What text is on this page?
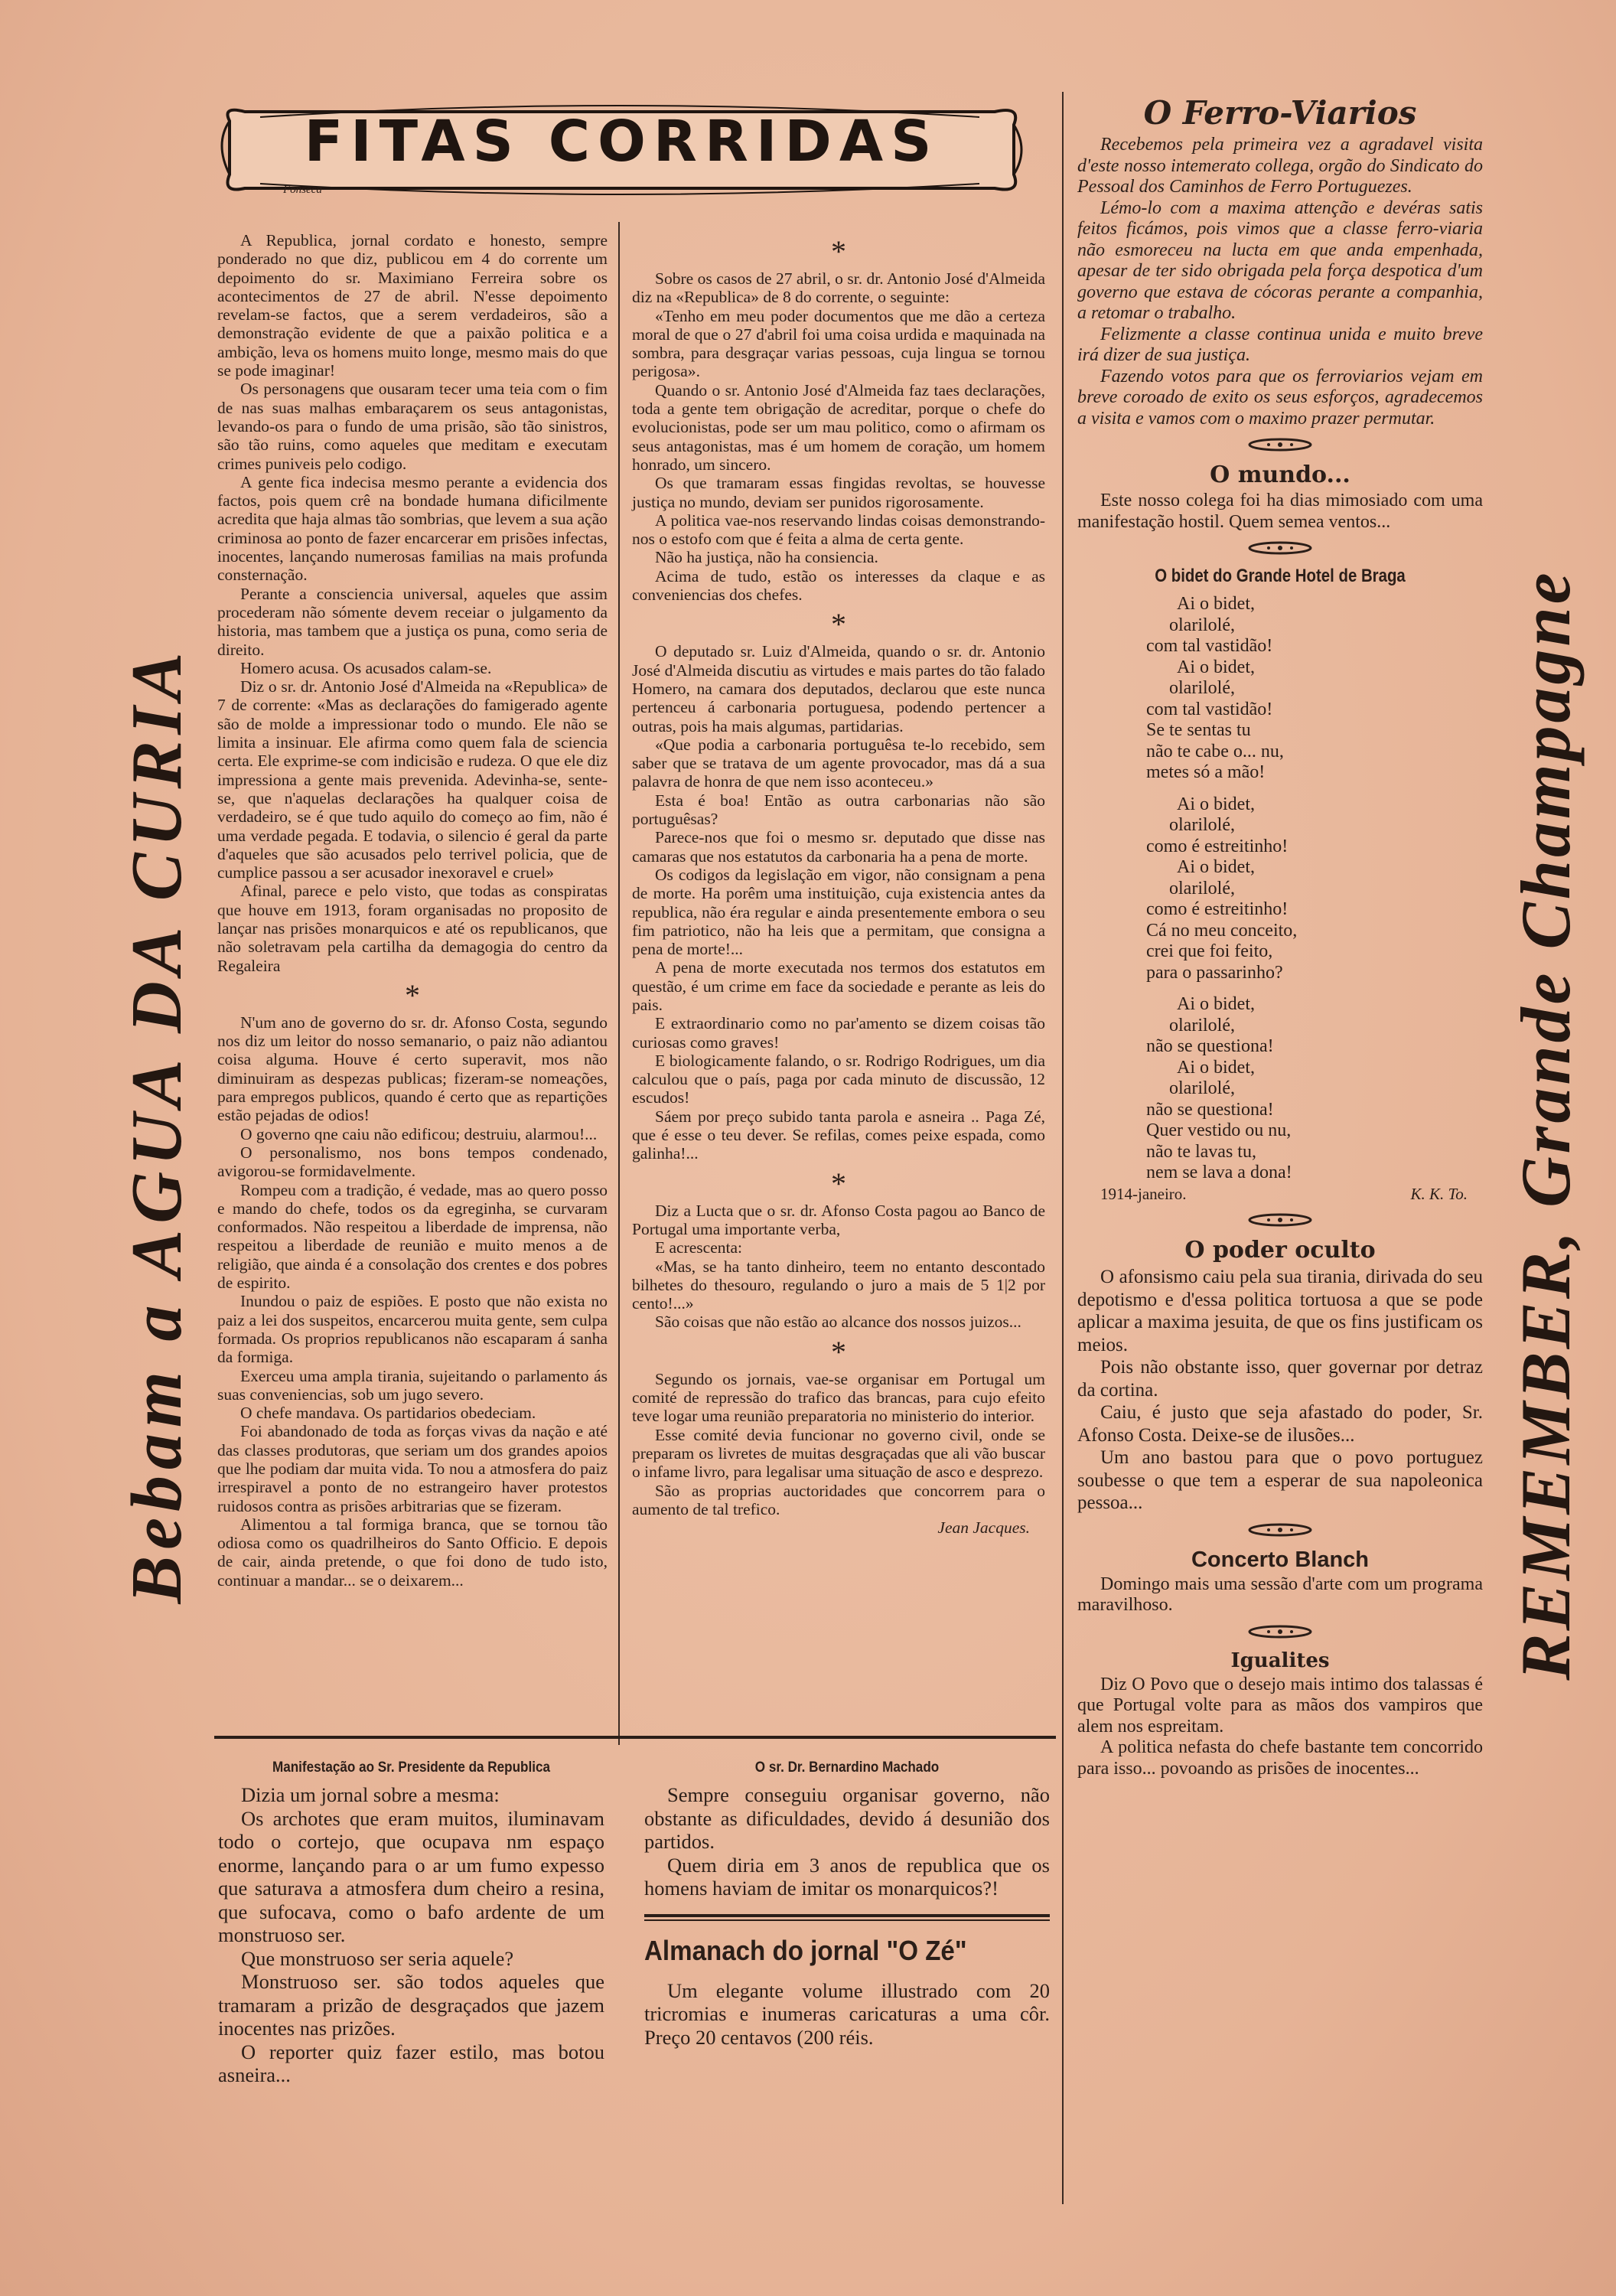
Bebam a AGUA DA CURIA	REMEMBER, Grande Champagne
FITAS CORRIDAS
Fonseca

A Republica, jornal cordato e honesto, sempre ponderado no que diz, publicou em 4 do corrente um depoimento do sr. Maximiano Ferreira sobre os acontecimentos de 27 de abril. N'esse depoimento revelam-se factos, que a serem verdadeiros, são a demonstração evidente de que a paixão politica e a ambição, leva os homens muito longe, mesmo mais do que se pode imaginar!

Os personagens que ousaram tecer uma teia com o fim de nas suas malhas embaraçarem os seus antagonistas, levando-os para o fundo de uma prisão, são tão sinistros, são tão ruins, como aqueles que meditam e executam crimes puniveis pelo codigo.

A gente fica indecisa mesmo perante a evidencia dos factos, pois quem crê na bondade humana dificilmente acredita que haja almas tão sombrias, que levem a sua ação criminosa ao ponto de fazer encarcerar em prisões infectas, inocentes, lançando numerosas familias na mais profunda consternação.

Perante a consciencia universal, aqueles que assim procederam não sómente devem receiar o julgamento da historia, mas tambem que a justiça os puna, como seria de direito.

Homero acusa. Os acusados calam-se.

Diz o sr. dr. Antonio José d'Almeida na «Republica» de 7 de corrente: «Mas as declarações do famigerado agente são de molde a impressionar todo o mundo. Ele não se limita a insinuar. Ele afirma como quem fala de sciencia certa. Ele exprime-se com indicisão e rudeza. O que ele diz impressiona a gente mais prevenida. Adevinha-se, sente-se, que n'aquelas declarações ha qualquer coisa de verdadeiro, se é que tudo aquilo do começo ao fim, não é uma verdade pegada. E todavia, o silencio é geral da parte d'aqueles que são acusados pelo terrivel policia, que de cumplice passou a ser acusador inexoravel e cruel»

Afinal, parece e pelo visto, que todas as conspiratas que houve em 1913, foram organisadas no proposito de lançar nas prisões monarquicos e até os republicanos, que não soletravam pela cartilha da demagogia do centro da Regaleira

*

N'um ano de governo do sr. dr. Afonso Costa, segundo nos diz um leitor do nosso semanario, o paiz não adiantou coisa alguma. Houve é certo superavit, mos não diminuiram as despezas publicas; fizeram-se nomeações, para empregos publicos, quando é certo que as repartições estão pejadas de odios!

O governo qne caiu não edificou; destruiu, alarmou!...

O personalismo, nos bons tempos condenado, avigorou-se formidavelmente.

Rompeu com a tradição, é vedade, mas ao quero posso e mando do chefe, todos os da egreginha, se curvaram conformados. Não respeitou a liberdade de imprensa, não respeitou a liberdade de reunião e muito menos a de religião, que ainda é a consolação dos crentes e dos pobres de espirito.

Inundou o paiz de espiões. E posto que não exista no paiz a lei dos suspeitos, encarcerou muita gente, sem culpa formada. Os proprios republicanos não escaparam á sanha da formiga.

Exerceu uma ampla tirania, sujeitando o parlamento ás suas conveniencias, sob um jugo severo.

O chefe mandava. Os partidarios obedeciam.

Foi abandonado de toda as forças vivas da nação e até das classes produtoras, que seriam um dos grandes apoios que lhe podiam dar muita vida. To nou a atmosfera do paiz irrespiravel a ponto de no estrangeiro haver protestos ruidosos contra as prisões arbitrarias que se fizeram.

Alimentou a tal formiga branca, que se tornou tão odiosa como os quadrilheiros do Santo Officio. E depois de cair, ainda pretende, o que foi dono de tudo isto, continuar a mandar... se o deixarem...

*

Sobre os casos de 27 abril, o sr. dr. Antonio José d'Almeida diz na «Republica» de 8 do corrente, o seguinte:

«Tenho em meu poder documentos que me dão a certeza moral de que o 27 d'abril foi uma coisa urdida e maquinada na sombra, para desgraçar varias pessoas, cuja lingua se tornou perigosa».

Quando o sr. Antonio José d'Almeida faz taes declarações, toda a gente tem obrigação de acreditar, porque o chefe do evolucionistas, pode ser um mau politico, como o afirmam os seus antagonistas, mas é um homem de coração, um homem honrado, um sincero.

Os que tramaram essas fingidas revoltas, se houvesse justiça no mundo, deviam ser punidos rigorosamente.

A politica vae-nos reservando lindas coisas demonstrando-nos o estofo com que é feita a alma de certa gente.

Não ha justiça, não ha consiencia.

Acima de tudo, estão os interesses da claque e as conveniencias dos chefes.

*

O deputado sr. Luiz d'Almeida, quando o sr. dr. Antonio José d'Almeida discutiu as virtudes e mais partes do tão falado Homero, na camara dos deputados, declarou que este nunca pertenceu á carbonaria portuguesa, podendo pertencer a outras, pois ha mais algumas, partidarias.

«Que podia a carbonaria portuguêsa te-lo recebido, sem saber que se tratava de um agente provocador, mas dá a sua palavra de honra de que nem isso aconteceu.»

Esta é boa! Então as outra carbonarias não são portuguêsas?

Parece-nos que foi o mesmo sr. deputado que disse nas camaras que nos estatutos da carbonaria ha a pena de morte.

Os codigos da legislação em vigor, não consignam a pena de morte. Ha porêm uma instituição, cuja existencia antes da republica, não éra regular e ainda presentemente embora o seu fim patriotico, não ha leis que a permitam, que consigna a pena de morte!...

A pena de morte executada nos termos dos estatutos em questão, é um crime em face da sociedade e perante as leis do pais.

E extraordinario como no par'amento se dizem coisas tão curiosas como graves!

E biologicamente falando, o sr. Rodrigo Rodrigues, um dia calculou que o país, paga por cada minuto de discussão, 12 escudos!

Sáem por preço subido tanta parola e asneira .. Paga Zé, que é esse o teu dever. Se refilas, comes peixe espada, como galinha!...

*

Diz a Lucta que o sr. dr. Afonso Costa pagou ao Banco de Portugal uma importante verba,

E acrescenta:

«Mas, se ha tanto dinheiro, teem no entanto descontado bilhetes do thesouro, regulando o juro a mais de 5 1|2 por cento!...»

São coisas que não estão ao alcance dos nossos juizos...

*

Segundo os jornais, vae-se organisar em Portugal um comité de repressão do trafico das brancas, para cujo efeito teve logar uma reunião preparatoria no ministerio do interior.

Esse comité devia funcionar no governo civil, onde se preparam os livretes de muitas desgraçadas que ali vão buscar o infame livro, para legalisar uma situação de asco e desprezo.

São as proprias auctoridades que concorrem para o aumento de tal trefico.

Jean Jacques.
O Ferro-Viarios

Recebemos pela primeira vez a agradavel visita d'este nosso intemerato collega, orgão do Sindicato do Pessoal dos Caminhos de Ferro Portuguezes.

Lémo-lo com a maxima attenção e devéras satis feitos ficámos, pois vimos que a classe ferro-viaria não esmoreceu na lucta em que anda empenhada, apesar de ter sido obrigada pela força despotica d'um governo que estava de cócoras perante a companhia, a retomar o trabalho.

Felizmente a classe continua unida e muito breve irá dizer de sua justiça.

Fazendo votos para que os ferroviarios vejam em breve coroado de exito os seus esforços, agradecemos a visita e vamos com o maximo prazer permutar.

O mundo...

Este nosso colega foi ha dias mimosiado com uma manifestação hostil. Quem semea ventos...

O bidet do Grande Hotel de Braga
Ai o bidet,
olarilolé,
com tal vastidão!
Ai o bidet,
olarilolé,
com tal vastidão!
Se te sentas tu
não te cabe o... nu,
metes só a mão!
Ai o bidet,
olarilolé,
como é estreitinho!
Ai o bidet,
olarilolé,
como é estreitinho!
Cá no meu conceito,
crei que foi feito,
para o passarinho?
Ai o bidet,
olarilolé,
não se questiona!
Ai o bidet,
olarilolé,
não se questiona!
Quer vestido ou nu,
não te lavas tu,
nem se lava a dona!
1914-janeiro.	K. K. To.
O poder oculto

O afonsismo caiu pela sua tirania, dirivada do seu depotismo e d'essa politica tortuosa a que se pode aplicar a maxima jesuita, de que os fins justificam os meios.

Pois não obstante isso, quer governar por detraz da cortina.

Caiu, é justo que seja afastado do poder, Sr. Afonso Costa. Deixe-se de ilusões...

Um ano bastou para que o povo portuguez soubesse o que tem a esperar de sua napoleonica pessoa...

Concerto Blanch

Domingo mais uma sessão d'arte com um programa maravilhoso.

Igualites

Diz O Povo que o desejo mais intimo dos talassas é que Portugal volte para as mãos dos vampiros que alem nos espreitam.

A politica nefasta do chefe bastante tem concorrido para isso... povoando as prisões de inocentes...

Manifestação ao Sr. Presidente da Republica

Dizia um jornal sobre a mesma:

Os archotes que eram muitos, iluminavam todo o cortejo, que ocupava nm espaço enorme, lançando para o ar um fumo expesso que saturava a atmosfera dum cheiro a resina, que sufocava, como o bafo ardente de um monstruoso ser.

Que monstruoso ser seria aquele?

Monstruoso ser. são todos aqueles que tramaram a prizão de desgraçados que jazem inocentes nas prizões.

O reporter quiz fazer estilo, mas botou asneira...

O sr. Dr. Bernardino Machado

Sempre conseguiu organisar governo, não obstante as dificuldades, devido á desunião dos partidos.

Quem diria em 3 anos de republica que os homens haviam de imitar os monarquicos?!

Almanach do jornal "O Zé"

Um elegante volume illustrado com 20 tricromias e inumeras caricaturas a uma côr. Preço 20 centavos (200 réis.
